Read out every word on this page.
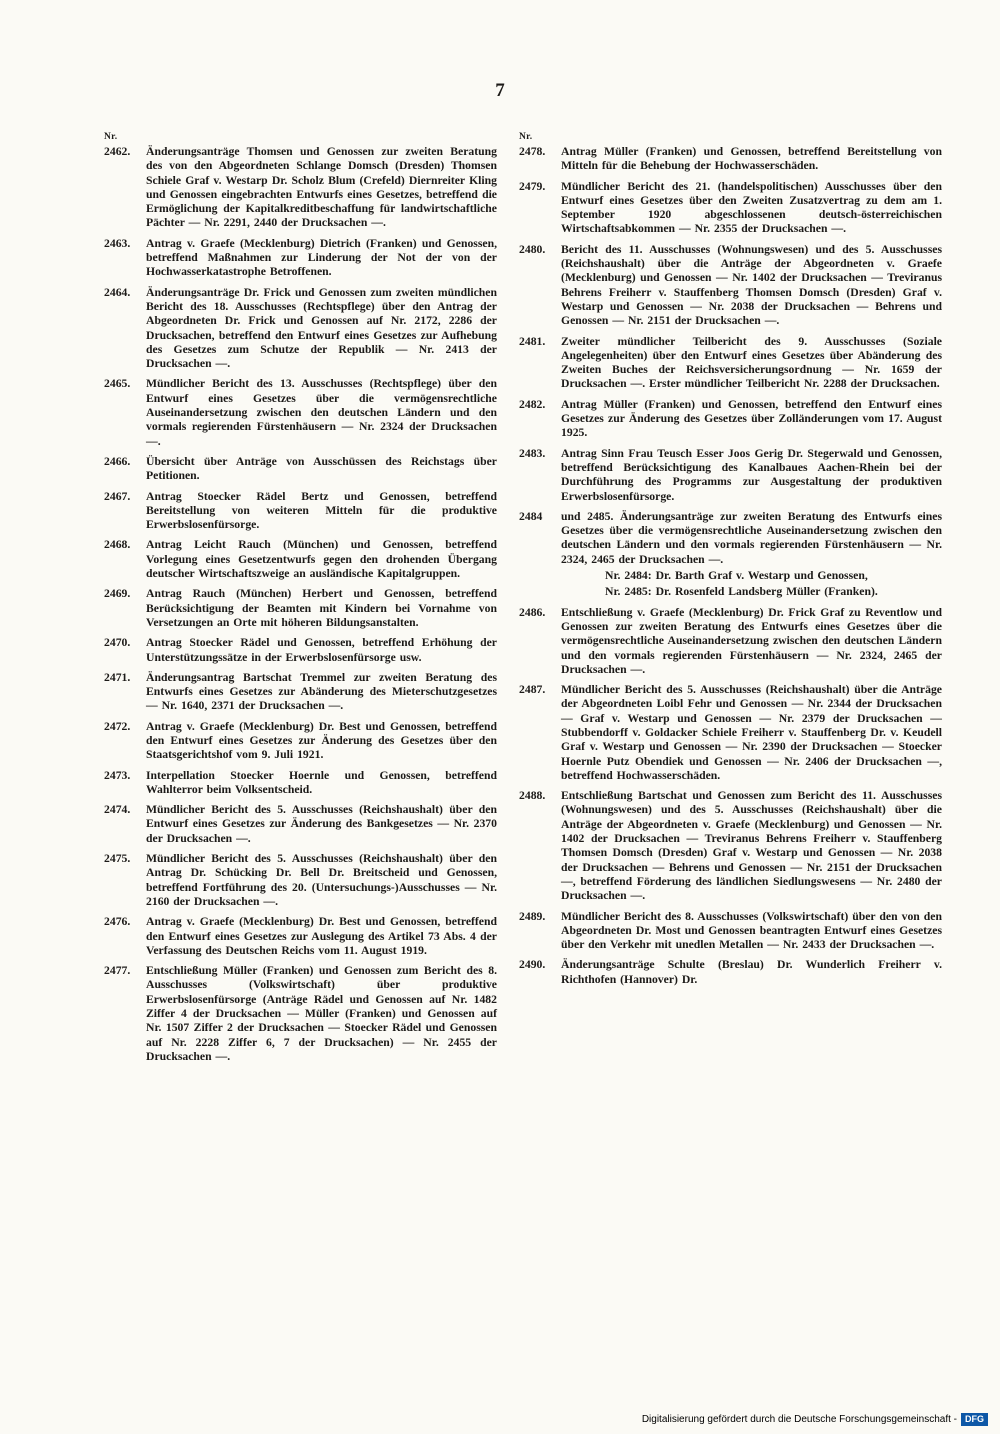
7
Nr.
2462.	Änderungsanträge Thomsen und Genossen zur zweiten Beratung des von den Abgeordneten Schlange Domsch (Dresden) Thomsen Schiele Graf v. Westarp Dr. Scholz Blum (Crefeld) Diernreiter Kling und Genossen eingebrachten Entwurfs eines Gesetzes, betreffend die Ermöglichung der Kapitalkreditbeschaffung für landwirtschaftliche Pächter — Nr. 2291, 2440 der Drucksachen —.
2463.	Antrag v. Graefe (Mecklenburg) Dietrich (Franken) und Genossen, betreffend Maßnahmen zur Linderung der Not der von der Hochwasserkatastrophe Betroffenen.
2464.	Änderungsanträge Dr. Frick und Genossen zum zweiten mündlichen Bericht des 18. Ausschusses (Rechtspflege) über den Antrag der Abgeordneten Dr. Frick und Genossen auf Nr. 2172, 2286 der Drucksachen, betreffend den Entwurf eines Gesetzes zur Aufhebung des Gesetzes zum Schutze der Republik — Nr. 2413 der Drucksachen —.
2465.	Mündlicher Bericht des 13. Ausschusses (Rechtspflege) über den Entwurf eines Gesetzes über die vermögensrechtliche Auseinandersetzung zwischen den deutschen Ländern und den vormals regierenden Fürstenhäusern — Nr. 2324 der Drucksachen —.
2466.	Übersicht über Anträge von Ausschüssen des Reichstags über Petitionen.
2467.	Antrag Stoecker Rädel Bertz und Genossen, betreffend Bereitstellung von weiteren Mitteln für die produktive Erwerbslosenfürsorge.
2468.	Antrag Leicht Rauch (München) und Genossen, betreffend Vorlegung eines Gesetzentwurfs gegen den drohenden Übergang deutscher Wirtschaftszweige an ausländische Kapitalgruppen.
2469.	Antrag Rauch (München) Herbert und Genossen, betreffend Berücksichtigung der Beamten mit Kindern bei Vornahme von Versetzungen an Orte mit höheren Bildungsanstalten.
2470.	Antrag Stoecker Rädel und Genossen, betreffend Erhöhung der Unterstützungssätze in der Erwerbslosenfürsorge usw.
2471.	Änderungsantrag Bartschat Tremmel zur zweiten Beratung des Entwurfs eines Gesetzes zur Abänderung des Mieterschutzgesetzes — Nr. 1640, 2371 der Drucksachen —.
2472.	Antrag v. Graefe (Mecklenburg) Dr. Best und Genossen, betreffend den Entwurf eines Gesetzes zur Änderung des Gesetzes über den Staatsgerichtshof vom 9. Juli 1921.
2473.	Interpellation Stoecker Hoernle und Genossen, betreffend Wahlterror beim Volksentscheid.
2474.	Mündlicher Bericht des 5. Ausschusses (Reichshaushalt) über den Entwurf eines Gesetzes zur Änderung des Bankgesetzes — Nr. 2370 der Drucksachen —.
2475.	Mündlicher Bericht des 5. Ausschusses (Reichshaushalt) über den Antrag Dr. Schücking Dr. Bell Dr. Breitscheid und Genossen, betreffend Fortführung des 20. (Untersuchungs-)Ausschusses — Nr. 2160 der Drucksachen —.
2476.	Antrag v. Graefe (Mecklenburg) Dr. Best und Genossen, betreffend den Entwurf eines Gesetzes zur Auslegung des Artikel 73 Abs. 4 der Verfassung des Deutschen Reichs vom 11. August 1919.
2477.	Entschließung Müller (Franken) und Genossen zum Bericht des 8. Ausschusses (Volkswirtschaft) über produktive Erwerbslosenfürsorge (Anträge Rädel und Genossen auf Nr. 1482 Ziffer 4 der Drucksachen — Müller (Franken) und Genossen auf Nr. 1507 Ziffer 2 der Drucksachen — Stoecker Rädel und Genossen auf Nr. 2228 Ziffer 6, 7 der Drucksachen) — Nr. 2455 der Drucksachen —.
Nr.
2478.	Antrag Müller (Franken) und Genossen, betreffend Bereitstellung von Mitteln für die Behebung der Hochwasserschäden.
2479.	Mündlicher Bericht des 21. (handelspolitischen) Ausschusses über den Entwurf eines Gesetzes über den Zweiten Zusatzvertrag zu dem am 1. September 1920 abgeschlossenen deutsch-österreichischen Wirtschaftsabkommen — Nr. 2355 der Drucksachen —.
2480.	Bericht des 11. Ausschusses (Wohnungswesen) und des 5. Ausschusses (Reichshaushalt) über die Anträge der Abgeordneten v. Graefe (Mecklenburg) und Genossen — Nr. 1402 der Drucksachen — Treviranus Behrens Freiherr v. Stauffenberg Thomsen Domsch (Dresden) Graf v. Westarp und Genossen — Nr. 2038 der Drucksachen — Behrens und Genossen — Nr. 2151 der Drucksachen —.
2481.	Zweiter mündlicher Teilbericht des 9. Ausschusses (Soziale Angelegenheiten) über den Entwurf eines Gesetzes über Abänderung des Zweiten Buches der Reichsversicherungsordnung — Nr. 1659 der Drucksachen —. Erster mündlicher Teilbericht Nr. 2288 der Drucksachen.
2482.	Antrag Müller (Franken) und Genossen, betreffend den Entwurf eines Gesetzes zur Änderung des Gesetzes über Zolländerungen vom 17. August 1925.
2483.	Antrag Sinn Frau Teusch Esser Joos Gerig Dr. Stegerwald und Genossen, betreffend Berücksichtigung des Kanalbaues Aachen-Rhein bei der Durchführung des Programms zur Ausgestaltung der produktiven Erwerbslosenfürsorge.
2484	und 2485. Änderungsanträge zur zweiten Beratung des Entwurfs eines Gesetzes über die vermögensrechtliche Auseinandersetzung zwischen den deutschen Ländern und den vormals regierenden Fürstenhäusern — Nr. 2324, 2465 der Drucksachen —.
Nr. 2484: Dr. Barth Graf v. Westarp und Genossen,
Nr. 2485: Dr. Rosenfeld Landsberg Müller (Franken).
2486.	Entschließung v. Graefe (Mecklenburg) Dr. Frick Graf zu Reventlow und Genossen zur zweiten Beratung des Entwurfs eines Gesetzes über die vermögensrechtliche Auseinandersetzung zwischen den deutschen Ländern und den vormals regierenden Fürstenhäusern — Nr. 2324, 2465 der Drucksachen —.
2487.	Mündlicher Bericht des 5. Ausschusses (Reichshaushalt) über die Anträge der Abgeordneten Loibl Fehr und Genossen — Nr. 2344 der Drucksachen — Graf v. Westarp und Genossen — Nr. 2379 der Drucksachen — Stubbendorff v. Goldacker Schiele Freiherr v. Stauffenberg Dr. v. Keudell Graf v. Westarp und Genossen — Nr. 2390 der Drucksachen — Stoecker Hoernle Putz Obendiek und Genossen — Nr. 2406 der Drucksachen —, betreffend Hochwasserschäden.
2488.	Entschließung Bartschat und Genossen zum Bericht des 11. Ausschusses (Wohnungswesen) und des 5. Ausschusses (Reichshaushalt) über die Anträge der Abgeordneten v. Graefe (Mecklenburg) und Genossen — Nr. 1402 der Drucksachen — Treviranus Behrens Freiherr v. Stauffenberg Thomsen Domsch (Dresden) Graf v. Westarp und Genossen — Nr. 2038 der Drucksachen — Behrens und Genossen — Nr. 2151 der Drucksachen —, betreffend Förderung des ländlichen Siedlungswesens — Nr. 2480 der Drucksachen —.
2489.	Mündlicher Bericht des 8. Ausschusses (Volkswirtschaft) über den von den Abgeordneten Dr. Most und Genossen beantragten Entwurf eines Gesetzes über den Verkehr mit unedlen Metallen — Nr. 2433 der Drucksachen —.
2490.	Änderungsanträge Schulte (Breslau) Dr. Wunderlich Freiherr v. Richthofen (Hannover) Dr.
Digitalisierung gefördert durch die Deutsche Forschungsgemeinschaft - DFG
